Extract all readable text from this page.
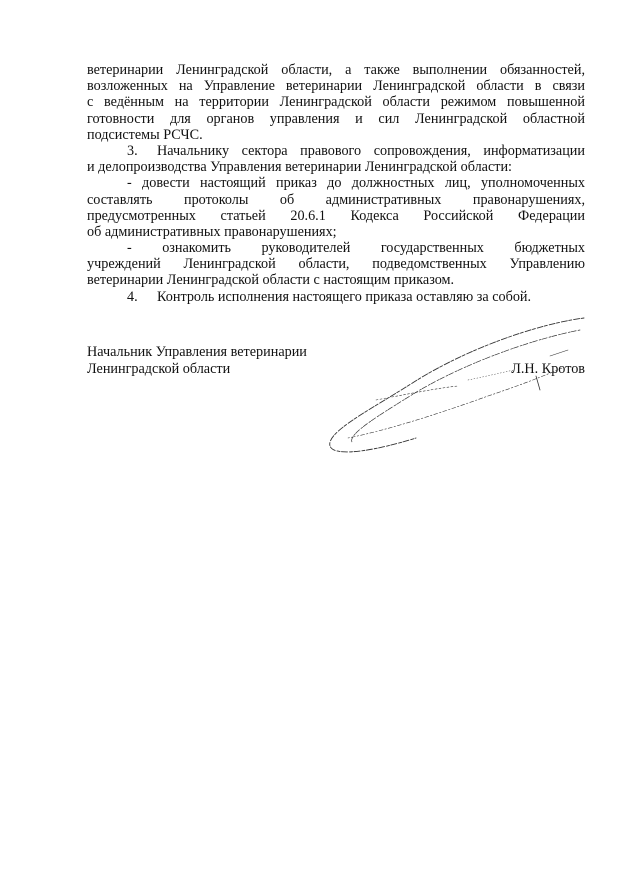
ветеринарии Ленинградской области, а также выполнении обязанностей,
возложенных на Управление ветеринарии Ленинградской области в связи
с ведённым на территории Ленинградской области режимом повышенной
готовности для органов управления и сил Ленинградской областной
подсистемы РСЧС.
3. Начальнику сектора правового сопровождения, информатизации
и делопроизводства Управления ветеринарии Ленинградской области:
- довести настоящий приказ до должностных лиц, уполномоченных
составлять протоколы об административных правонарушениях,
предусмотренных статьей 20.6.1 Кодекса Российской Федерации
об административных правонарушениях;
- ознакомить руководителей государственных бюджетных
учреждений Ленинградской области, подведомственных Управлению
ветеринарии Ленинградской области с настоящим приказом.
4. Контроль исполнения настоящего приказа оставляю за собой.
Начальник Управления ветеринарии
Ленинградской области	Л.Н. Кротов
